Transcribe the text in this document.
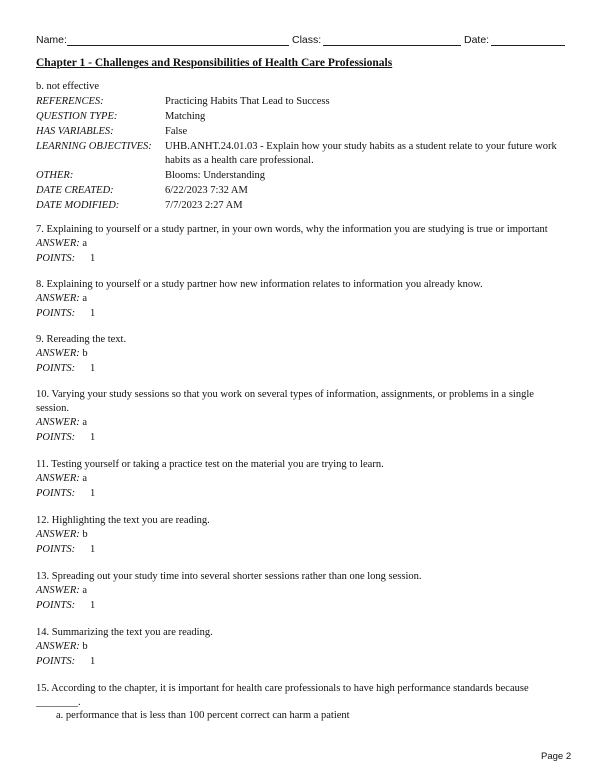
Name:	Class:	Date:
Chapter 1 - Challenges and Responsibilities of Health Care Professionals
b. not effective
REFERENCES:	Practicing Habits That Lead to Success
QUESTION TYPE:	Matching
HAS VARIABLES:	False
LEARNING OBJECTIVES: UHB.ANHT.24.01.03 - Explain how your study habits as a student relate to your future work habits as a health care professional.
OTHER:	Blooms: Understanding
DATE CREATED:	6/22/2023 7:32 AM
DATE MODIFIED:	7/7/2023 2:27 AM
7. Explaining to yourself or a study partner, in your own words, why the information you are studying is true or important
ANSWER: a
POINTS: 1
8. Explaining to yourself or a study partner how new information relates to information you already know.
ANSWER: a
POINTS: 1
9. Rereading the text.
ANSWER: b
POINTS: 1
10. Varying your study sessions so that you work on several types of information, assignments, or problems in a single session.
ANSWER: a
POINTS: 1
11. Testing yourself or taking a practice test on the material you are trying to learn.
ANSWER: a
POINTS: 1
12. Highlighting the text you are reading.
ANSWER: b
POINTS: 1
13. Spreading out your study time into several shorter sessions rather than one long session.
ANSWER: a
POINTS: 1
14. Summarizing the text you are reading.
ANSWER: b
POINTS: 1
15. According to the chapter, it is important for health care professionals to have high performance standards because ________.
a. performance that is less than 100 percent correct can harm a patient
Page 2
